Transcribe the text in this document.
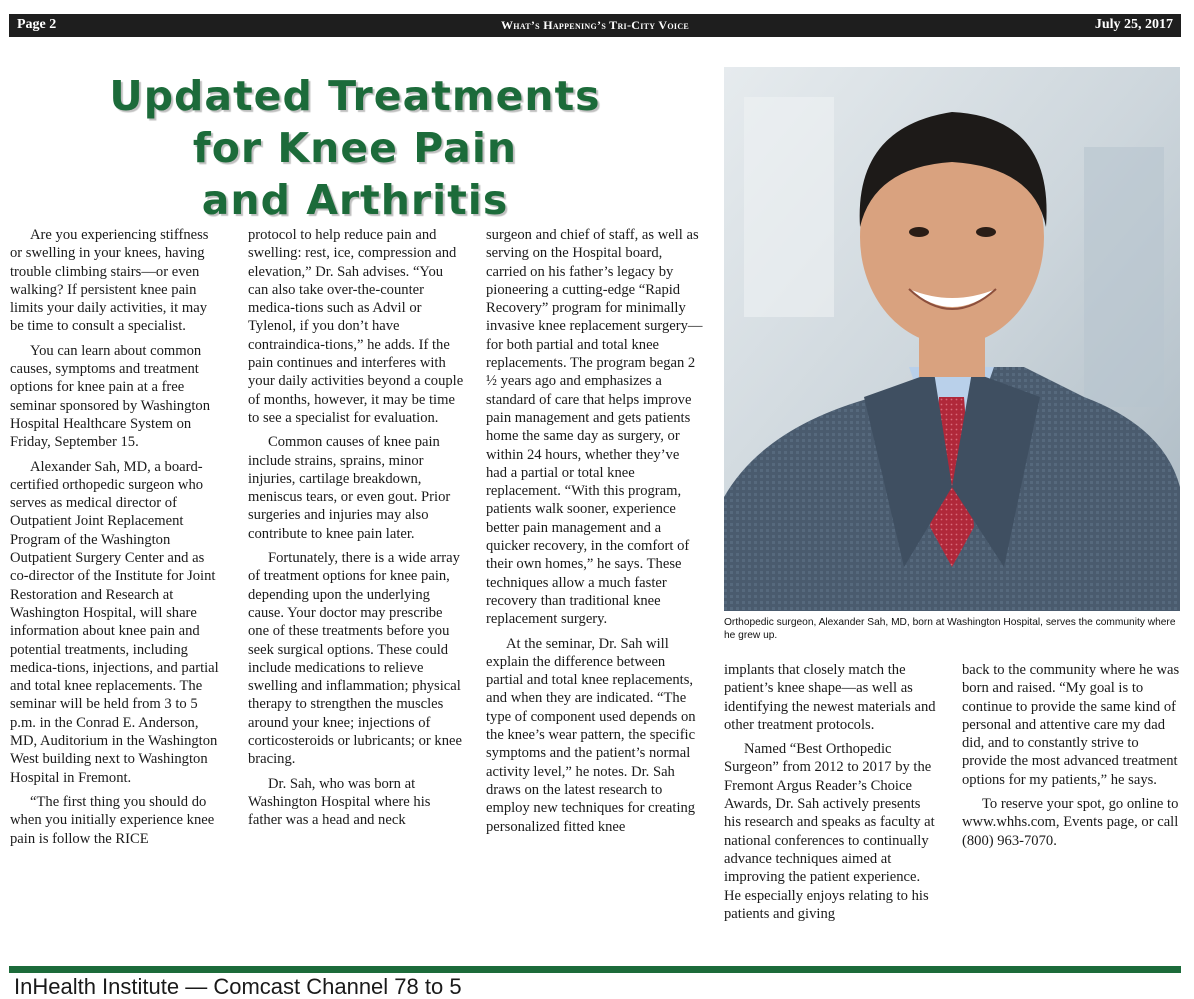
Page 2	What’s Happening’s Tri-City Voice	July 25, 2017
Updated Treatments
for Knee Pain
and Arthritis

Are you experiencing stiffness or swelling in your knees, having trouble climbing stairs—or even walking? If persistent knee pain limits your daily activities, it may be time to consult a specialist.

You can learn about common causes, symptoms and treatment options for knee pain at a free seminar sponsored by Washington Hospital Healthcare System on Friday, September 15.

Alexander Sah, MD, a board-certified orthopedic surgeon who serves as medical director of Outpatient Joint Replacement Program of the Washington Outpatient Surgery Center and as co-director of the Institute for Joint Restoration and Research at Washington Hospital, will share information about knee pain and potential treatments, including medica-tions, injections, and partial and total knee replacements. The seminar will be held from 3 to 5 p.m. in the Conrad E. Anderson, MD, Auditorium in the Washington West building next to Washington Hospital in Fremont.

“The first thing you should do when you initially experience knee pain is follow the RICE

protocol to help reduce pain and swelling: rest, ice, compression and elevation,” Dr. Sah advises. “You can also take over-the-counter medica-tions such as Advil or Tylenol, if you don’t have contraindica-tions,” he adds. If the pain continues and interferes with your daily activities beyond a couple of months, however, it may be time to see a specialist for evaluation.

Common causes of knee pain include strains, sprains, minor injuries, cartilage breakdown, meniscus tears, or even gout. Prior surgeries and injuries may also contribute to knee pain later.

Fortunately, there is a wide array of treatment options for knee pain, depending upon the underlying cause. Your doctor may prescribe one of these treatments before you seek surgical options. These could include medications to relieve swelling and inflammation; physical therapy to strengthen the muscles around your knee; injections of corticosteroids or lubricants; or knee bracing.

Dr. Sah, who was born at Washington Hospital where his father was a head and neck

surgeon and chief of staff, as well as serving on the Hospital board, carried on his father’s legacy by pioneering a cutting-edge “Rapid Recovery” program for minimally invasive knee replacement surgery—for both partial and total knee replacements. The program began 2 ½ years ago and emphasizes a standard of care that helps improve pain management and gets patients home the same day as surgery, or within 24 hours, whether they’ve had a partial or total knee replacement. “With this program, patients walk sooner, experience better pain management and a quicker recovery, in the comfort of their own homes,” he says. These techniques allow a much faster recovery than traditional knee replacement surgery.

At the seminar, Dr. Sah will explain the difference between partial and total knee replacements, and when they are indicated. “The type of component used depends on the knee’s wear pattern, the specific symptoms and the patient’s normal activity level,” he notes. Dr. Sah draws on the latest research to employ new techniques for creating personalized fitted knee

Orthopedic surgeon, Alexander Sah, MD, born at Washington Hospital, serves the community where he grew up.

implants that closely match the patient’s knee shape—as well as identifying the newest materials and other treatment protocols.

Named “Best Orthopedic Surgeon” from 2012 to 2017 by the Fremont Argus Reader’s Choice Awards, Dr. Sah actively presents his research and speaks as faculty at national conferences to continually advance techniques aimed at improving the patient experience. He especially enjoys relating to his patients and giving

back to the community where he was born and raised. “My goal is to continue to provide the same kind of personal and attentive care my dad did, and to constantly strive to provide the most advanced treatment options for my patients,” he says.

To reserve your spot, go online to www.whhs.com, Events page, or call (800) 963-7070.

InHealth Institute — Comcast Channel 78 to 5
